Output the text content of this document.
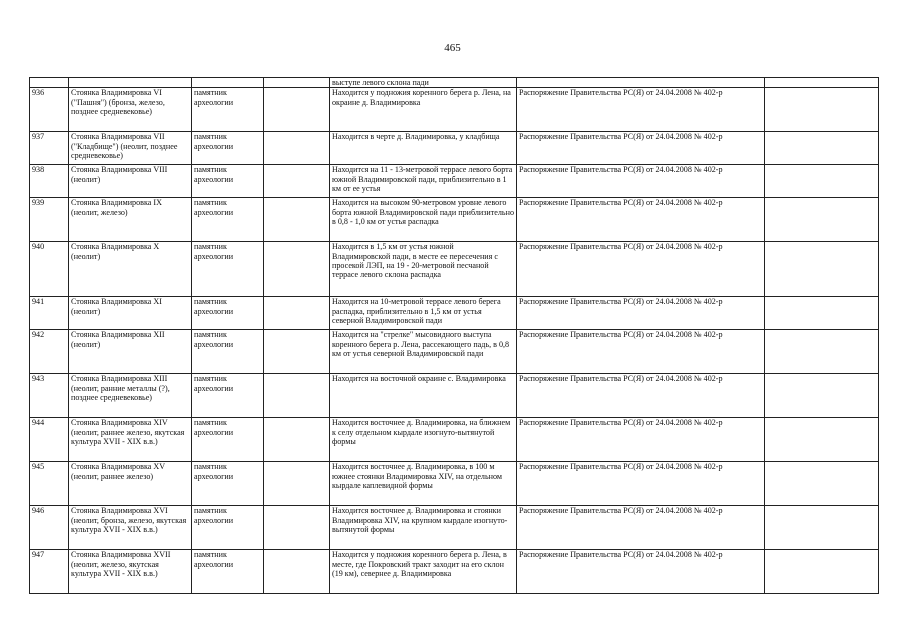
465
				выступе левого склона пади		
936	Стоянка Владимировка VI ("Пашня") (бронза, железо, позднее средневековье)	памятник археологии		Находится у подножия коренного берега р. Лена, на окраине д. Владимировка	Распоряжение Правительства РС(Я) от 24.04.2008 № 402-р	
937	Стоянка Владимировка VII ("Кладбище") (неолит, позднее средневековье)	памятник археологии		Находится в черте д. Владимировка, у кладбища	Распоряжение Правительства РС(Я) от 24.04.2008 № 402-р	
938	Стоянка Владимировка VIII (неолит)	памятник археологии		Находится на 11 - 13-метровой террасе левого борта южной Владимировской пади, приблизительно в 1 км от ее устья	Распоряжение Правительства РС(Я) от 24.04.2008 № 402-р	
939	Стоянка Владимировка IX (неолит, железо)	памятник археологии		Находится на высоком 90-метровом уровне левого борта южной Владимировской пади приблизительно в 0,8 - 1,0 км от устья распадка	Распоряжение Правительства РС(Я) от 24.04.2008 № 402-р	
940	Стоянка Владимировка X (неолит)	памятник археологии		Находится в 1,5 км от устья южной Владимировской пади, в месте ее пересечения с просекой ЛЭП, на 19 - 20-метровой песчаной террасе левого склона распадка	Распоряжение Правительства РС(Я) от 24.04.2008 № 402-р	
941	Стоянка Владимировка XI (неолит)	памятник археологии		Находится на 10-метровой террасе левого берега распадка, приблизительно в 1,5 км от устья северной Владимировской пади	Распоряжение Правительства РС(Я) от 24.04.2008 № 402-р	
942	Стоянка Владимировка XII (неолит)	памятник археологии		Находится на "стрелке" мысовидного выступа коренного берега р. Лена, рассекающего падь, в 0,8 км от устья северной Владимировской пади	Распоряжение Правительства РС(Я) от 24.04.2008 № 402-р	
943	Стоянка Владимировка XIII (неолит, ранние металлы (?), позднее средневековье)	памятник археологии		Находится на восточной окраине с. Владимировка	Распоряжение Правительства РС(Я) от 24.04.2008 № 402-р	
944	Стоянка Владимировка XIV (неолит, раннее железо, якутская культура XVII - XIX в.в.)	памятник археологии		Находится восточнее д. Владимировка, на ближнем к селу отдельном кырдале изогнуто-вытянутой формы	Распоряжение Правительства РС(Я) от 24.04.2008 № 402-р	
945	Стоянка Владимировка XV (неолит, раннее железо)	памятник археологии		Находится восточнее д. Владимировка, в 100 м южнее стоянки Владимировка XIV, на отдельном кырдале каплевидной формы	Распоряжение Правительства РС(Я) от 24.04.2008 № 402-р	
946	Стоянка Владимировка XVI (неолит, бронза, железо, якутская культура XVII - XIX в.в.)	памятник археологии		Находится восточнее д. Владимировка и стоянки Владимировка XIV, на крупном кырдале изогнуто-вытянутой формы	Распоряжение Правительства РС(Я) от 24.04.2008 № 402-р	
947	Стоянка Владимировка XVII (неолит, железо, якутская культура XVII - XIX в.в.)	памятник археологии		Находится у подножия коренного берега р. Лена, в месте, где Покровский тракт заходит на его склон (19 км), севернее д. Владимировка	Распоряжение Правительства РС(Я) от 24.04.2008 № 402-р	
